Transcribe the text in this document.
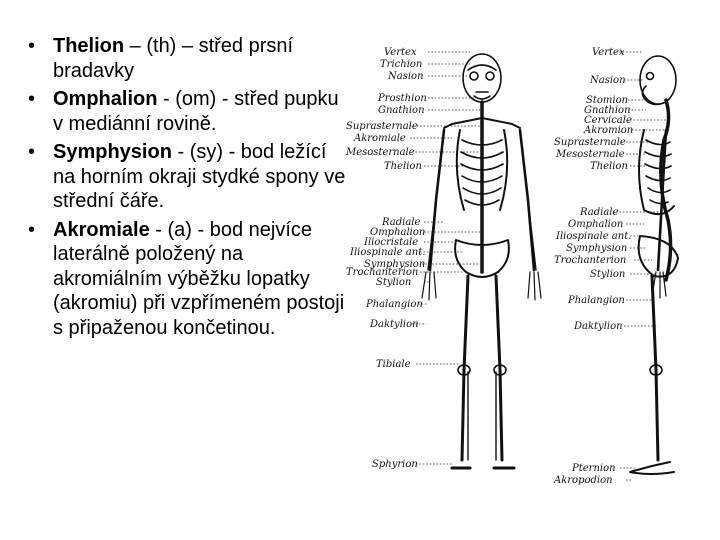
• Thelion – (th) – střed prsní bradavky
• Omphalion - (om) - střed pupku v mediánní rovině.
• Symphysion - (sy) - bod ležící na horním okraji stydké spony ve střední čáře.
• Akromiale - (a) - bod nejvíce laterálně položený na akromiálním výběžku lopatky (akromiu) při vzpřímeném postoji s připaženou končetinou.
Vertex
Trichion
Nasion
Prosthion
Gnathion
Suprasternale
Akromiale
Mesosternale
Thelion
Radiale
Omphalion
Iliocristale
Iliospinale ant.
Symphysion
Trochanterion
Stylion
Phalangion
Daktylion
Tibiale
Sphyrion
Vertex
Nasion
Stomion
Gnathion
Cervicale
Akromion
Suprasternale
Mesosternale
Thelion
Radiale
Omphalion
Iliospinale ant.
Symphysion
Trochanterion
Stylion
Phalangion
Daktylion
Pternion
Akropodion
